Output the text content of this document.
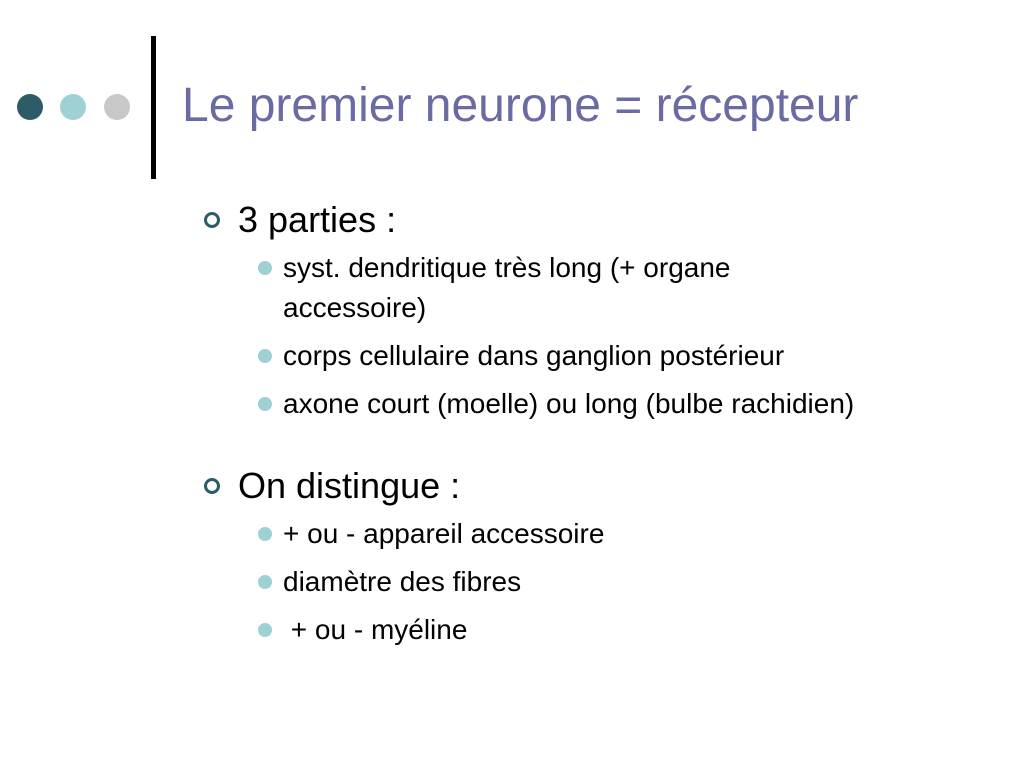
Le premier neurone = récepteur
3 parties :
syst. dendritique très long (+ organe accessoire)
corps cellulaire dans ganglion postérieur
axone court (moelle) ou long (bulbe rachidien)
On distingue :
+ ou - appareil accessoire
diamètre des fibres
+ ou - myéline
